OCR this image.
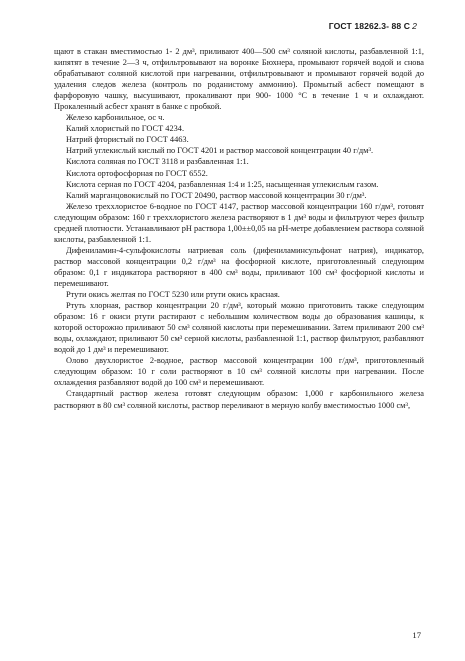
ГОСТ 18262.3- 88 С 2

щают в стакан вместимостью 1- 2 дм³, приливают 400—500 см³ соляной кислоты, разбавленной 1:1, кипятят в течение 2—3 ч, отфильтровывают на воронке Бюхнера, промывают горячей водой и снова обрабатывают соляной кислотой при нагревании, отфильтровывают и промывают горячей водой до удаления следов железа (контроль по роданистому аммонию). Промытый асбест помещают в фарфоровую чашку, высушивают, прокаливают при 900- 1000 °С в течение 1 ч и охлаждают. Прокаленный асбест хранят в банке с пробкой.

Железо карбонильное, ос ч.

Калий хлористый по ГОСТ 4234.

Натрий фтористый по ГОСТ 4463.

Натрий углекислый кислый по ГОСТ 4201 и раствор массовой концентрации 40 г/дм³.

Кислота соляная по ГОСТ 3118 и разбавленная 1:1.

Кислота ортофосфорная по ГОСТ 6552.

Кислота серная по ГОСТ 4204, разбавленная 1:4 и 1:25, насыщенная углекислым газом.

Калий марганцовокислый по ГОСТ 20490, раствор массовой концентрации 30 г/дм³.

Железо треххлористое 6-водное по ГОСТ 4147, раствор массовой концентрации 160 г/дм³, готовят следующим образом: 160 г треххлористого железа растворяют в 1 дм³ воды и фильтруют через фильтр средней плотности. Устанавливают рН раствора 1,00±±0,05 на рН-метре добавлением раствора соляной кислоты, разбавленной 1:1.

Дифениламин-4-сульфокислоты натриевая соль (дифениламинсульфонат натрия), индикатор, раствор массовой концентрации 0,2 г/дм³ на фосфорной кислоте, приготовленный следующим образом: 0,1 г индикатора растворяют в 400 см³ воды, приливают 100 см³ фосфорной кислоты и перемешивают.

Ртути окись желтая по ГОСТ 5230 или ртути окись красная.

Ртуть хлорная, раствор концентрации 20 г/дм³, который можно приготовить также следующим образом: 16 г окиси ртути растирают с небольшим количеством воды до образования кашицы, к которой осторожно приливают 50 см³ соляной кислоты при перемешивании. Затем приливают 200 см³ воды, охлаждают, приливают 50 см³ серной кислоты, разбавленной 1:1, раствор фильтруют, разбавляют водой до 1 дм³ и перемешивают.

Олово двухлористое 2-водное, раствор массовой концентрации 100 г/дм³, приготовленный следующим образом: 10 г соли растворяют в 10 см³ соляной кислоты при нагревании. После охлаждения разбавляют водой до 100 см³ и перемешивают.

Стандартный раствор железа готовят следующим образом: 1,000 г карбонильного железа растворяют в 80 см³ соляной кислоты, раствор переливают в мерную колбу вместимостью 1000 см³,

17
